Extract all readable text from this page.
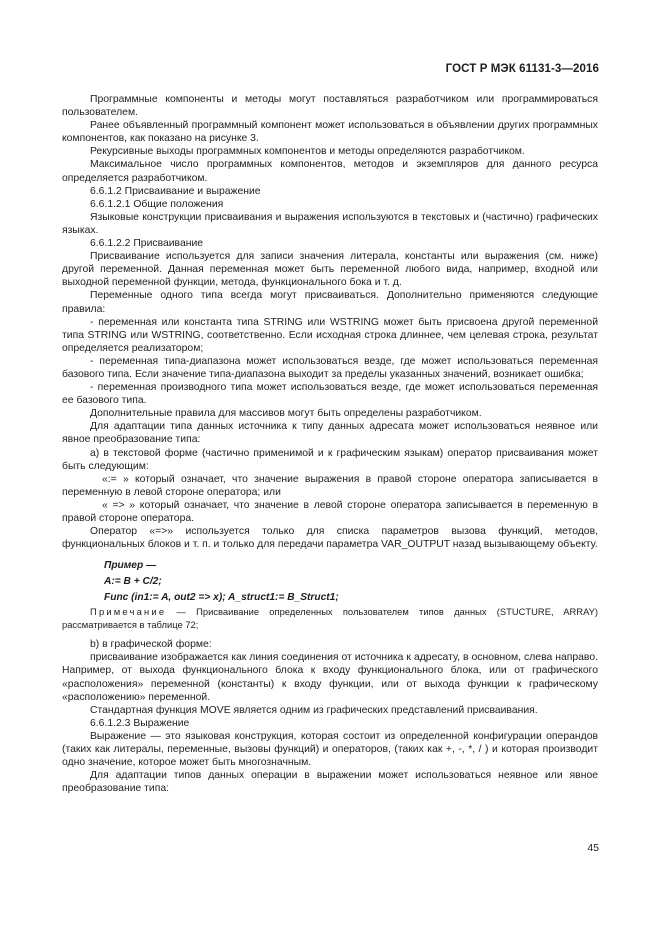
ГОСТ Р МЭК 61131-3—2016

Программные компоненты и методы могут поставляться разработчиком или программироваться пользователем.

Ранее объявленный программный компонент может использоваться в объявлении других программных компонентов, как показано на рисунке 3.

Рекурсивные выходы программных компонентов и методы определяются разработчиком.

Максимальное число программных компонентов, методов и экземпляров для данного ресурса определяется разработчиком.

6.6.1.2 Присваивание и выражение

6.6.1.2.1 Общие положения

Языковые конструкции присваивания и выражения используются в текстовых и (частично) графических языках.

6.6.1.2.2 Присваивание

Присваивание используется для записи значения литерала, константы или выражения (см. ниже) другой переменной. Данная переменная может быть переменной любого вида, например, входной или выходной переменной функции, метода, функционального бока и т. д.

Переменные одного типа всегда могут присваиваться. Дополнительно применяются следующие правила:

- переменная или константа типа STRING или WSTRING может быть присвоена другой переменной типа STRING или WSTRING, соответственно. Если исходная строка длиннее, чем целевая строка, результат определяется реализатором;

- переменная типа-диапазона может использоваться везде, где может использоваться переменная базового типа. Если значение типа-диапазона выходит за пределы указанных значений, возникает ошибка;

- переменная производного типа может использоваться везде, где может использоваться переменная ее базового типа.

Дополнительные правила для массивов могут быть определены разработчиком.

Для адаптации типа данных источника к типу данных адресата может использоваться неявное или явное преобразование типа:

a) в текстовой форме (частично применимой и к графическим языкам) оператор присваивания может быть следующим:

«:= » который означает, что значение выражения в правой стороне оператора записывается в переменную в левой стороне оператора; или

« => » который означает, что значение в левой стороне оператора записывается в переменную в правой стороне оператора.

Оператор «=>» используется только для списка параметров вызова функций, методов, функциональных блоков и т. п. и только для передачи параметра VAR_OUTPUT назад вызывающему объекту.

Пример —
A:= B + C/2;
Func (in1:= A, out2 => x); A_struct1:= B_Struct1;

Примечание — Присваивание определенных пользователем типов данных (STUCTURE, ARRAY) рассматривается в таблице 72;

b) в графической форме:

присваивание изображается как линия соединения от источника к адресату, в основном, слева направо. Например, от выхода функционального блока к входу функционального блока, или от графического «расположения» переменной (константы) к входу функции, или от выхода функции к графическому «расположению» переменной.

Стандартная функция MOVE является одним из графических представлений присваивания.

6.6.1.2.3 Выражение

Выражение — это языковая конструкция, которая состоит из определенной конфигурации операндов (таких как литералы, переменные, вызовы функций) и операторов, (таких как +, -, *, / ) и которая производит одно значение, которое может быть многозначным.

Для адаптации типов данных операции в выражении может использоваться неявное или явное преобразование типа:

45
